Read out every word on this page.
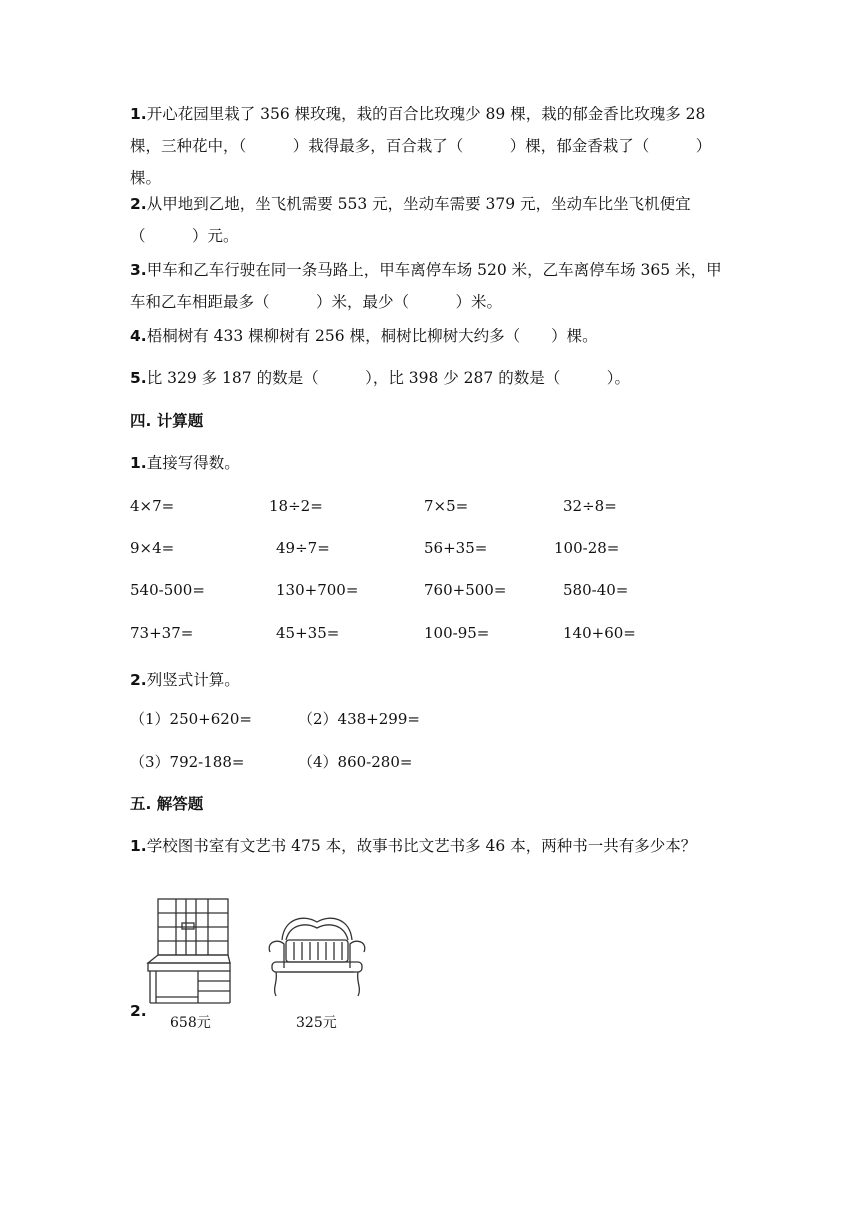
1.开心花园里栽了 356 棵玫瑰，栽的百合比玫瑰少 89 棵，栽的郁金香比玫瑰多 28 棵，三种花中，（　　　）栽得最多，百合栽了（　　　）棵，郁金香栽了（　　　）棵。

2.从甲地到乙地，坐飞机需要 553 元，坐动车需要 379 元，坐动车比坐飞机便宜（　　　）元。

3.甲车和乙车行驶在同一条马路上，甲车离停车场 520 米，乙车离停车场 365 米，甲车和乙车相距最多（　　　）米，最少（　　　）米。

4.梧桐树有 433 棵柳树有 256 棵，桐树比柳树大约多（　　）棵。

5.比 329 多 187 的数是（　　　），比 398 少 287 的数是（　　　）。

四. 计算题

1.直接写得数。

4×7=	18÷2=	7×5=	32÷8=
9×4=	49÷7=	56+35=	100-28=
540-500=	130+700=	760+500=	580-40=
73+37=	45+35=	100-95=	140+60=

2.列竖式计算。

（1）250+620=	（2）438+299=
（3）792-188=	（4）860-280=
五. 解答题

1.学校图书室有文艺书 475 本，故事书比文艺书多 46 本，两种书一共有多少本？

2.
658元	325元
